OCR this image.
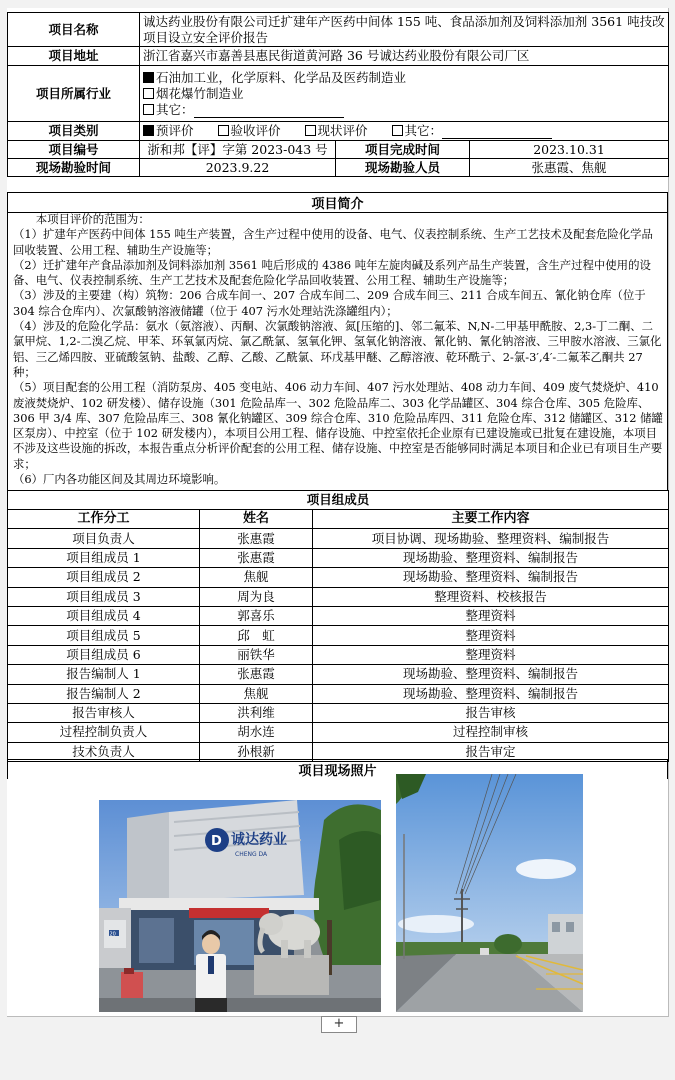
项目名称	诚达药业股份有限公司迁扩建年产医药中间体 155 吨、食品添加剂及饲料添加剂 3561 吨技改项目设立安全评价报告		
项目地址	浙江省嘉兴市嘉善县惠民街道黄河路 36 号诚达药业股份有限公司厂区		
项目所属行业	石油加工业，化学原料、化学品及医药制造业
烟花爆竹制造业
其它：		

项目类别	预评价 验收评价 现状评价 其它：		
项目编号	浙和邦【评】字第 2023-043 号	项目完成时间	2023.10.31
现场勘验时间	2023.9.22	现场勘验人员	张惠霞、焦舰
项目简介

本项目评价的范围为：

（1）扩建年产医药中间体 155 吨生产装置，含生产过程中使用的设备、电气、仪表控制系统、生产工艺技术及配套危险化学品回收装置、公用工程、辅助生产设施等；

（2）迁扩建年产食品添加剂及饲料添加剂 3561 吨后形成的 4386 吨年左旋肉碱及系列产品生产装置，含生产过程中使用的设备、电气、仪表控制系统、生产工艺技术及配套危险化学品回收装置、公用工程、辅助生产设施等；

（3）涉及的主要建（构）筑物：206 合成车间一、207 合成车间二、209 合成车间三、211 合成车间五、氰化钠仓库（位于 304 综合仓库内）、次氯酸钠溶液储罐（位于 407 污水处理站洗涤罐组内）；

（4）涉及的危险化学品：氨水（氨溶液）、丙酮、次氯酸钠溶液、氮[压缩的]、邻二氟苯、N,N-二甲基甲酰胺、2,3-丁二酮、二氯甲烷、1,2-二溴乙烷、甲苯、环氧氯丙烷、氯乙酰氯、氢氧化钾、氢氧化钠溶液、氰化钠、氰化钠溶液、三甲胺水溶液、三氯化铝、三乙烯四胺、亚硫酸氢钠、盐酸、乙醇、乙酸、乙酰氯、环戊基甲醚、乙醇溶液、乾环酰亍、2-氯-3′,4′-二氟苯乙酮共 27 种；

（5）项目配套的公用工程（消防泵房、405 变电站、406 动力车间、407 污水处理站、408 动力车间、409 废气焚烧炉、410 废液焚烧炉、102 研发楼）、储存设施（301 危险品库一、302 危险品库二、303 化学品罐区、304 综合仓库、305 危险库、306 甲 3/4 库、307 危险品库三、308 氰化钠罐区、309 综合仓库、310 危险品库四、311 危险仓库、312 储罐区、312 储罐区泵房）、中控室（位于 102 研发楼内），本项目公用工程、储存设施、中控室依托企业原有已建设施或已批复在建设施，本项目不涉及这些设施的拆改，本报告重点分析评价配套的公用工程、储存设施、中控室是否能够同时满足本项目和企业已有项目生产要求；

（6）厂内各功能区间及其周边环境影响。

项目组成员		
工作分工	姓名	主要工作内容
项目负责人	张惠霞	项目协调、现场勘验、整理资料、编制报告
项目组成员 1	张惠霞	现场勘验、整理资料、编制报告
项目组成员 2	焦舰	现场勘验、整理资料、编制报告
项目组成员 3	周为良	整理资料、校核报告
项目组成员 4	郭喜乐	整理资料
项目组成员 5	邱　虹	整理资料
项目组成员 6	丽铁华	整理资料
报告编制人 1	张惠霞	现场勘验、整理资料、编制报告
报告编制人 2	焦舰	现场勘验、整理资料、编制报告
报告审核人	洪利维	报告审核
过程控制负责人	胡水连	过程控制审核
技术负责人	孙根新	报告审定
项目现场照片
D 诚达药业
CHENG DA
20
+
